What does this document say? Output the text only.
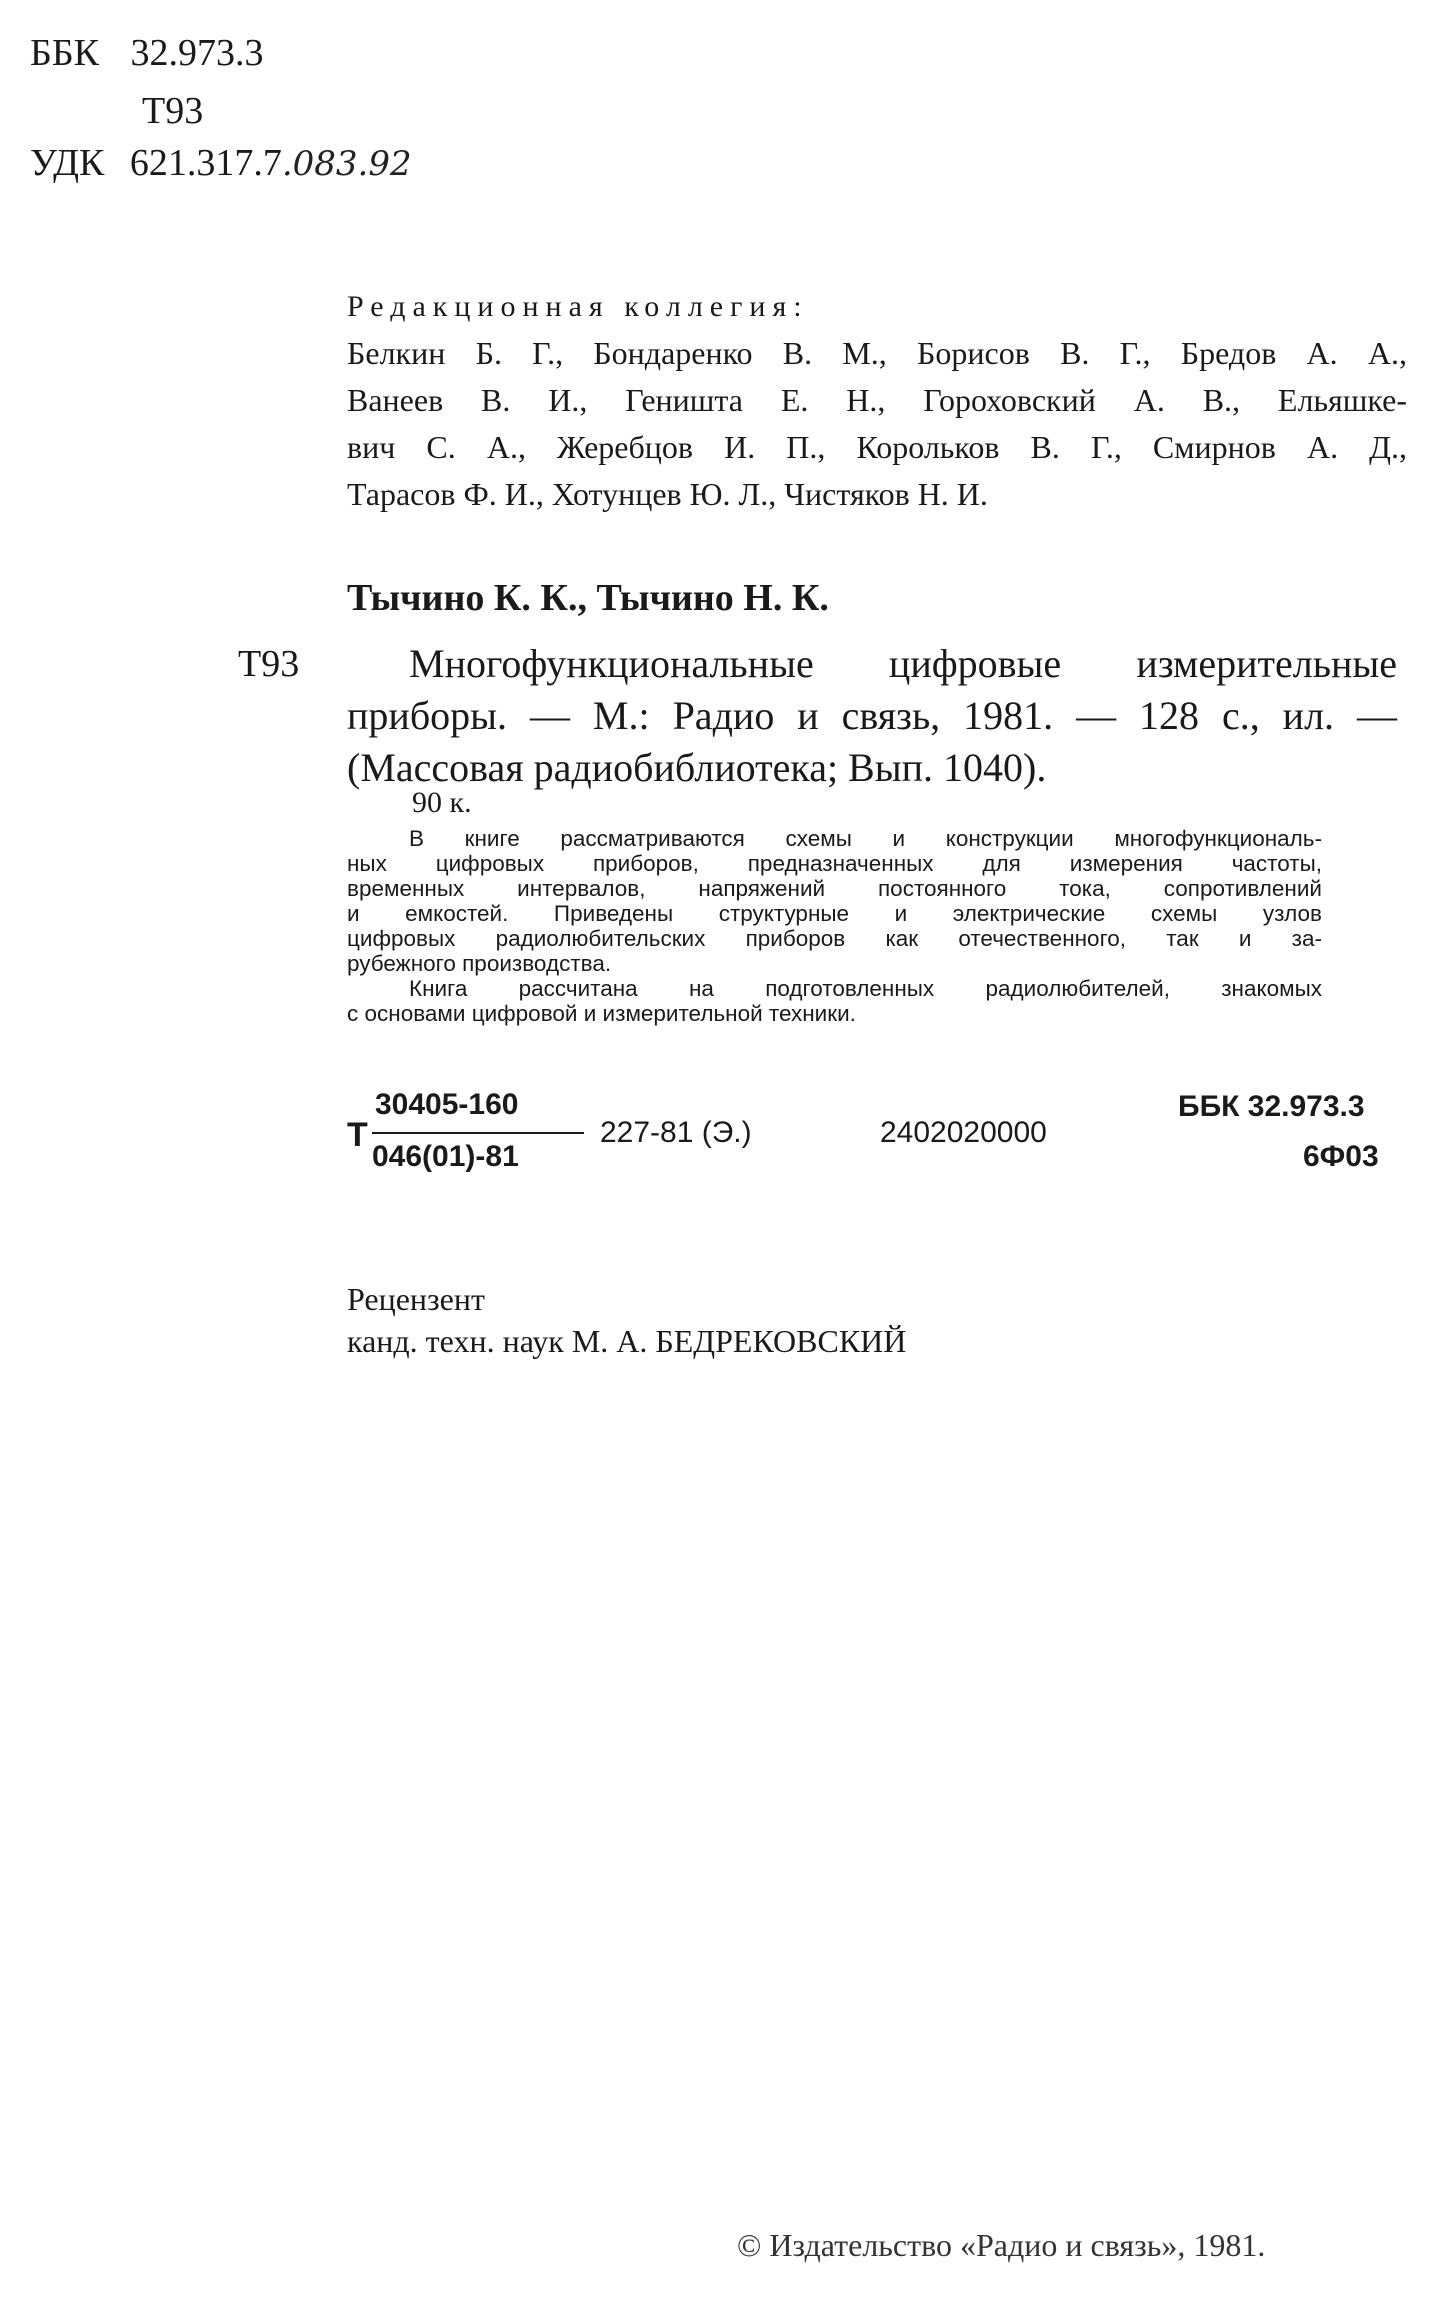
ББК 32.973.3
Т93
УДК 621.317.7.083.92
Редакционная коллегия:
Белкин Б. Г., Бондаренко В. М., Борисов В. Г., Бредов А. А.,
Ванеев В. И., Геништа Е. Н., Гороховский А. В., Ельяшке-
вич С. А., Жеребцов И. П., Корольков В. Г., Смирнов А. Д.,
Тарасов Ф. И., Хотунцев Ю. Л., Чистяков Н. И.
Тычино К. К., Тычино Н. К.
Т93	Многофункциональные цифровые измерительные
приборы. — М.: Радио и связь, 1981. — 128 с., ил. —
(Массовая радиобиблиотека; Вып. 1040).
90 к.
В книге рассматриваются схемы и конструкции многофункциональ-
ных цифровых приборов, предназначенных для измерения частоты,
временных интервалов, напряжений постоянного тока, сопротивлений
и емкостей. Приведены структурные и электрические схемы узлов
цифровых радиолюбительских приборов как отечественного, так и за-
рубежного производства.
Книга рассчитана на подготовленных радиолюбителей, знакомых
с основами цифровой и измерительной техники.
Т
30405-160
046(01)-81
227-81 (Э.)	2402020000
ББК 32.973.3
6Ф03
Рецензент
канд. техн. наук М. А. БЕДРЕКОВСКИЙ
© Издательство «Радио и связь», 1981.
